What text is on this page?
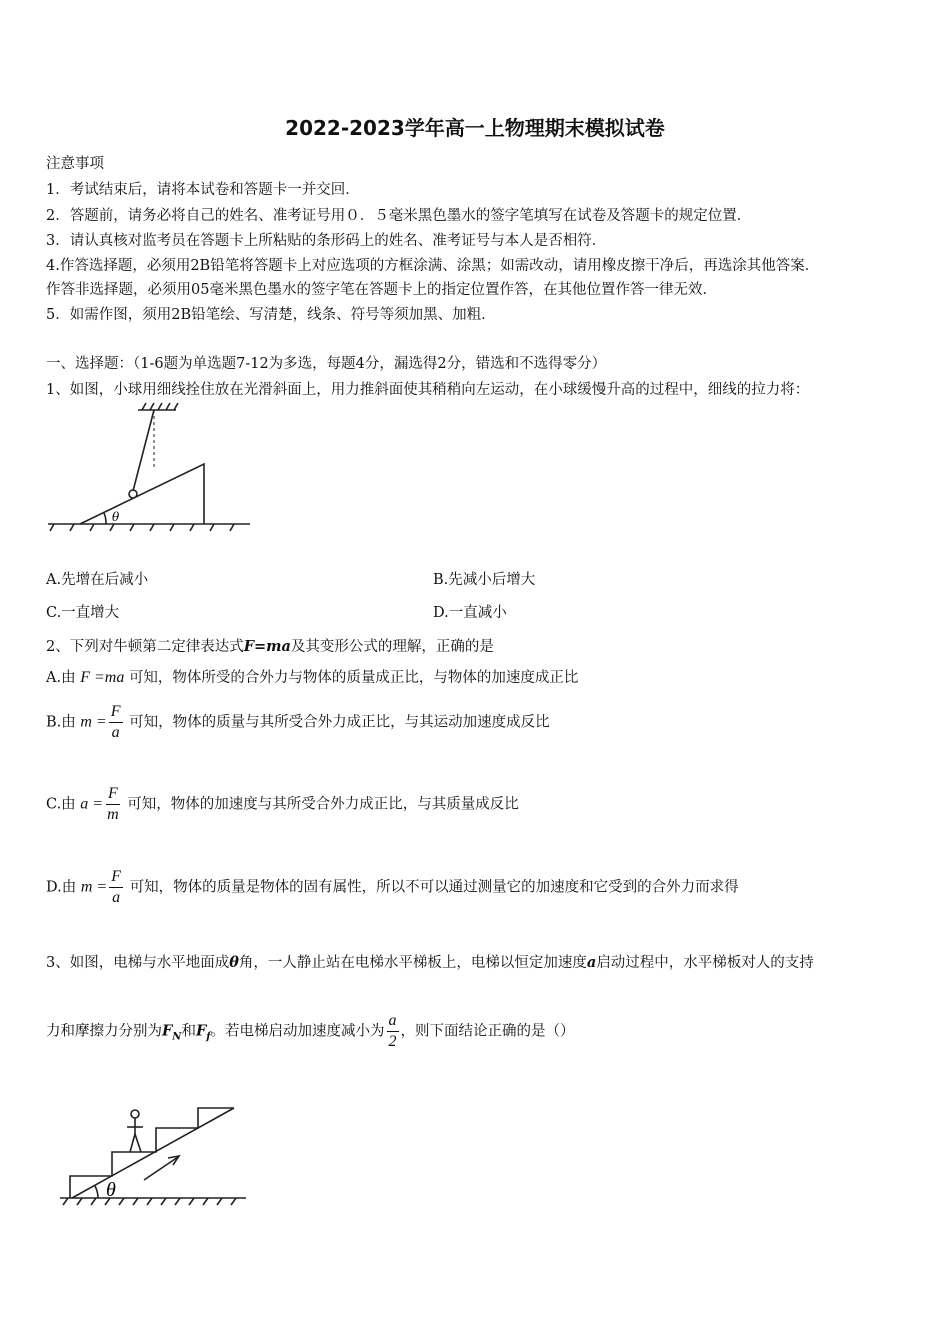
2022-2023学年高一上物理期末模拟试卷
注意事项
1．考试结束后，请将本试卷和答题卡一并交回．
2．答题前，请务必将自己的姓名、准考证号用０．５毫米黑色墨水的签字笔填写在试卷及答题卡的规定位置．
3．请认真核对监考员在答题卡上所粘贴的条形码上的姓名、准考证号与本人是否相符．
4.作答选择题，必须用2B铅笔将答题卡上对应选项的方框涂满、涂黑；如需改动，请用橡皮擦干净后，再选涂其他答案．
作答非选择题，必须用05毫米黑色墨水的签字笔在答题卡上的指定位置作答，在其他位置作答一律无效．
5．如需作图，须用2B铅笔绘、写清楚，线条、符号等须加黑、加粗．
一、选择题：（1-6题为单选题7-12为多选，每题4分，漏选得2分，错选和不选得零分）
1、如图，小球用细线拴住放在光滑斜面上，用力推斜面使其稍稍向左运动，在小球缓慢升高的过程中，细线的拉力将：
θ
A.先增在后减小	B.先减小后增大
C.一直增大	D.一直减小
2、下列对牛顿第二定律表达式F=ma及其变形公式的理解，正确的是
A.由 F =ma 可知，物体所受的合外力与物体的质量成正比，与物体的加速度成正比
B.由 $m = \frac{F}{a}$ 可知，物体的质量与其所受合外力成正比，与其运动加速度成反比
C.由 $a = \frac{F}{m}$ 可知，物体的加速度与其所受合外力成正比，与其质量成反比
D.由 $m = \frac{F}{a}$ 可知，物体的质量是物体的固有属性，所以不可以通过测量它的加速度和它受到的合外力而求得
3、如图，电梯与水平地面成θ角，一人静止站在电梯水平梯板上，电梯以恒定加速度a启动过程中，水平梯板对人的支持
力和摩擦力分别为$F_N$和$F_f$。若电梯启动加速度减小为 $\frac{a}{2}$ ，则下面结论正确的是（）
θ
